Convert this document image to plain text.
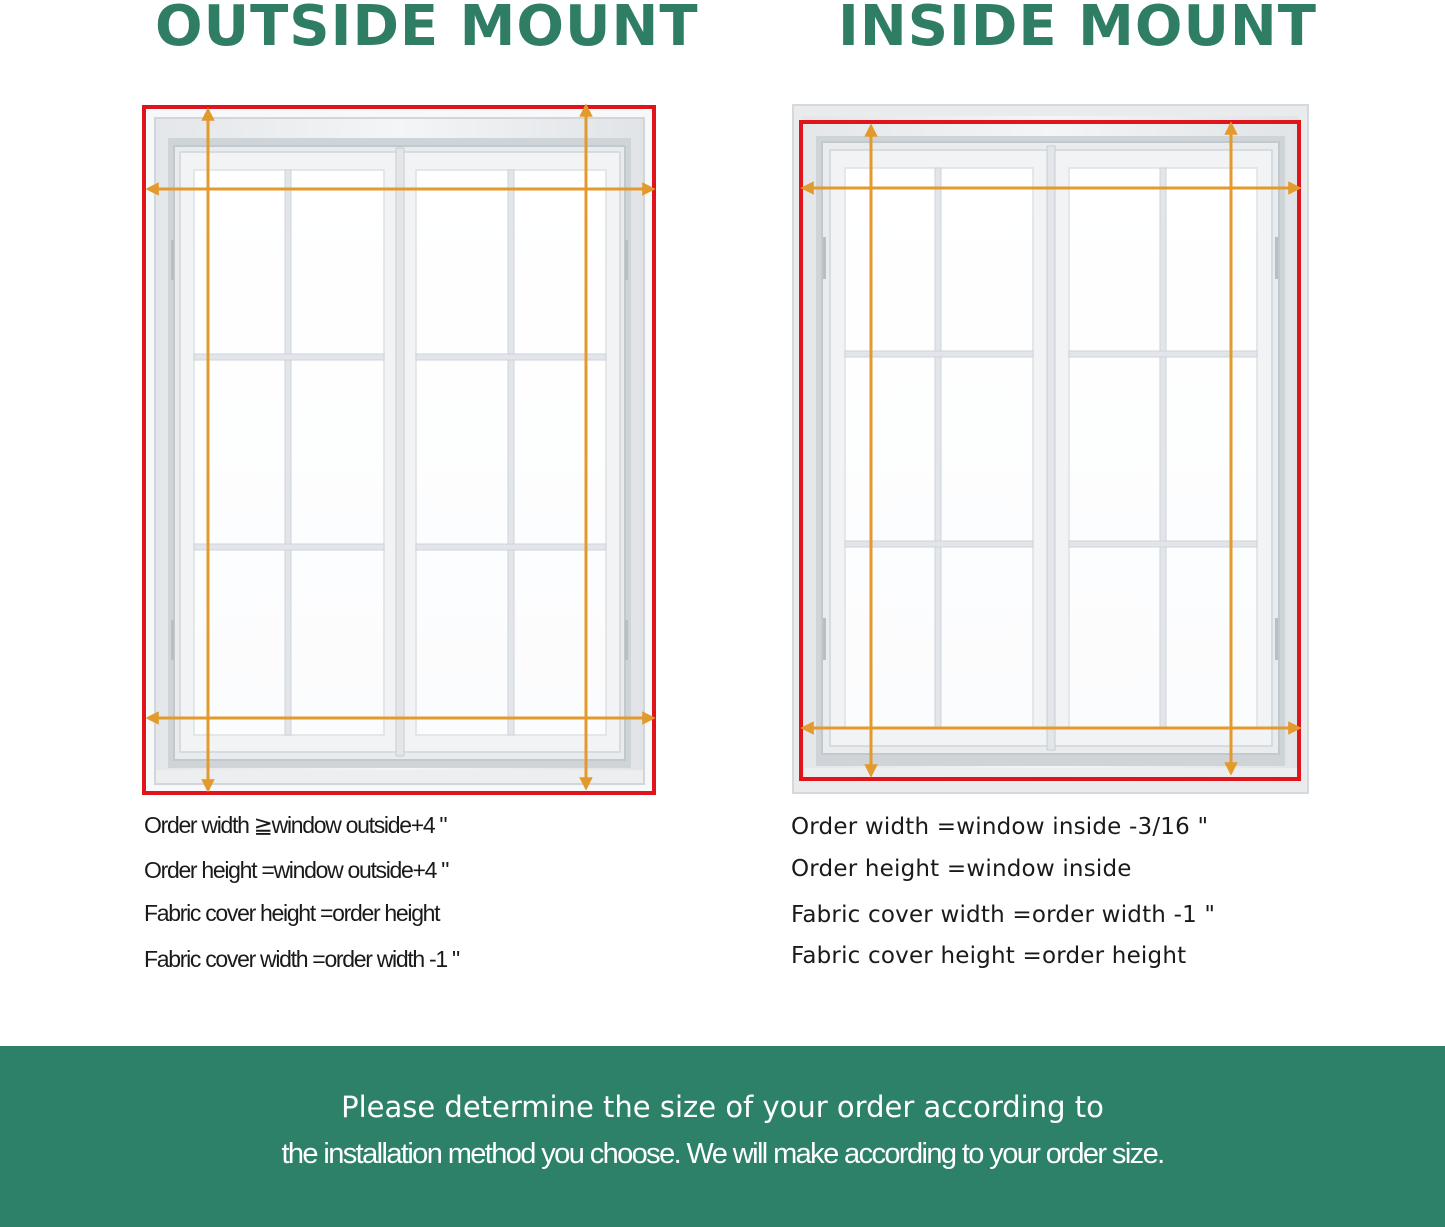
OUTSIDE MOUNT INSIDE MOUNT
Order width ≧window outside+4 "
Order height =window outside+4 "
Fabric cover height =order height
Fabric cover width =order width -1 "
Order width =window inside -3/16 "
Order height =window inside
Fabric cover width =order width -1 "
Fabric cover height =order height
Please determine the size of your order according to
the installation method you choose. We will make according to your order size.
